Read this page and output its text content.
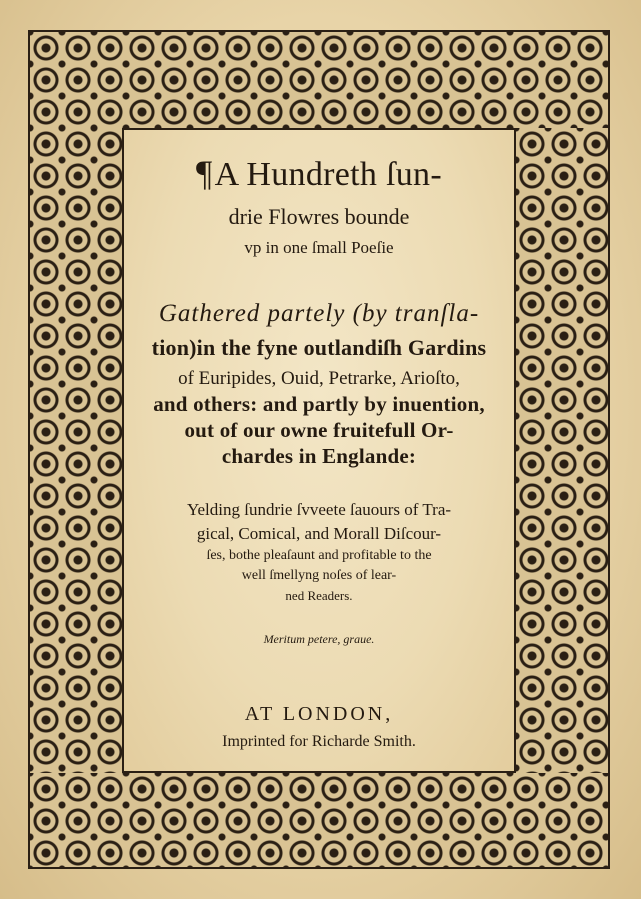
¶A Hundreth ſun-
drie Flowres bounde
vp in one ſmall Poeſie
Gathered partely (by tranſla-
tion)in the fyne outlandiſh Gardins
of Euripides, Ouid, Petrarke, Arioſto,
and others: and partly by inuention,
out of our owne fruitefull Or-
chardes in Englande:
Yelding ſundrie ſvveete ſauours of Tra-
gical, Comical, and Morall Diſcour-
ſes, bothe pleaſaunt and profitable to the
well ſmellyng noſes of lear-
ned Readers.
Meritum petere, graue.
AT LONDON,
Imprinted for Richarde Smith.
